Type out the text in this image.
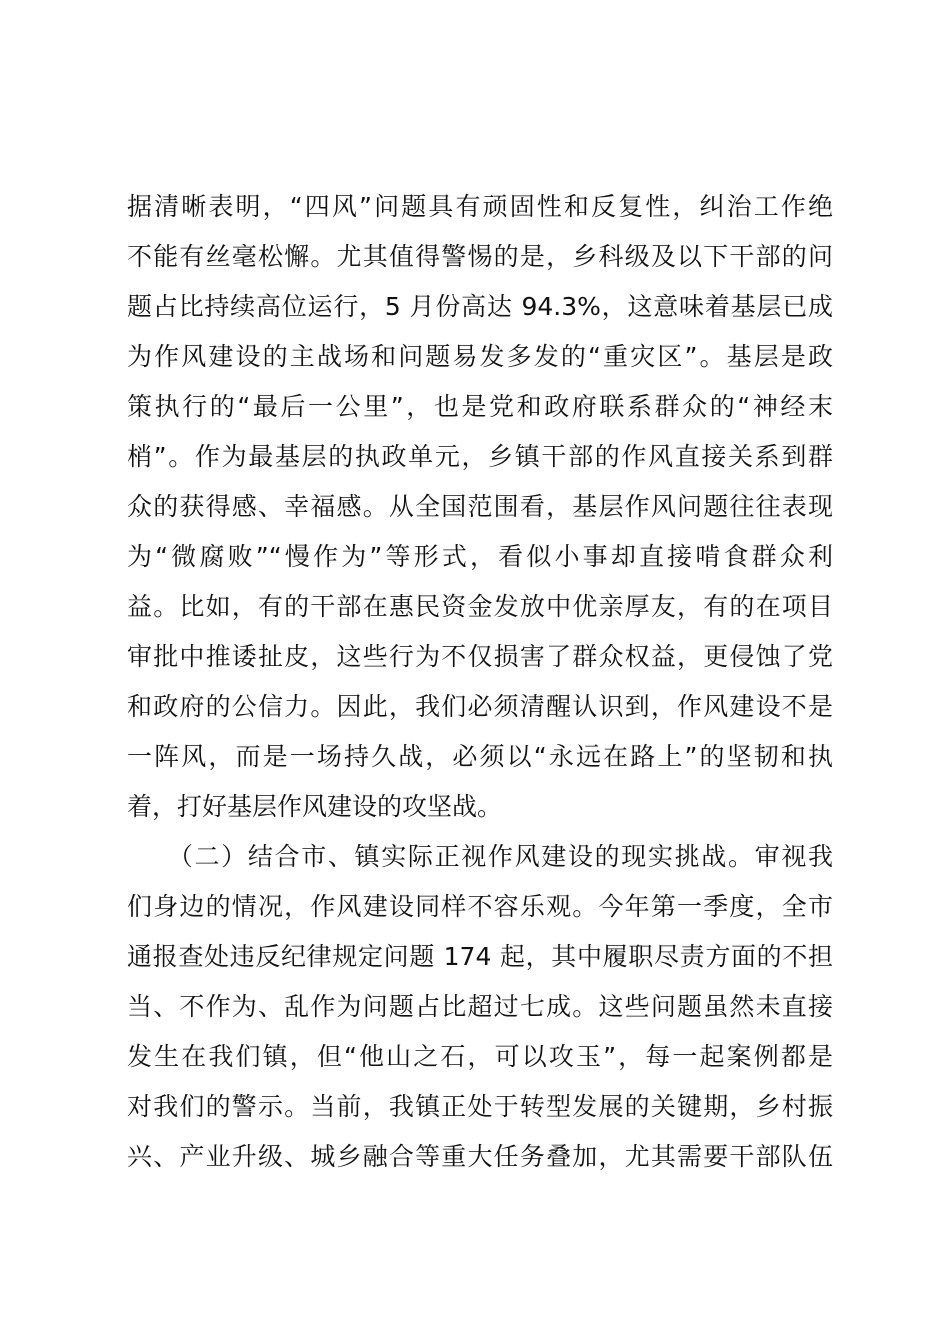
据清晰表明，“四风”问题具有顽固性和反复性，纠治工作绝
不能有丝毫松懈。尤其值得警惕的是，乡科级及以下干部的问
题占比持续高位运行，5 月份高达 94.3%，这意味着基层已成
为作风建设的主战场和问题易发多发的“重灾区”。基层是政
策执行的“最后一公里”，也是党和政府联系群众的“神经末
梢”。作为最基层的执政单元，乡镇干部的作风直接关系到群
众的获得感、幸福感。从全国范围看，基层作风问题往往表现
为“微腐败”“慢作为”等形式，看似小事却直接啃食群众利
益。比如，有的干部在惠民资金发放中优亲厚友，有的在项目
审批中推诿扯皮，这些行为不仅损害了群众权益，更侵蚀了党
和政府的公信力。因此，我们必须清醒认识到，作风建设不是
一阵风，而是一场持久战，必须以“永远在路上”的坚韧和执
着，打好基层作风建设的攻坚战。
　　（二）结合市、镇实际正视作风建设的现实挑战。审视我
们身边的情况，作风建设同样不容乐观。今年第一季度，全市
通报查处违反纪律规定问题 174 起，其中履职尽责方面的不担
当、不作为、乱作为问题占比超过七成。这些问题虽然未直接
发生在我们镇，但“他山之石，可以攻玉”，每一起案例都是
对我们的警示。当前，我镇正处于转型发展的关键期，乡村振
兴、产业升级、城乡融合等重大任务叠加，尤其需要干部队伍
